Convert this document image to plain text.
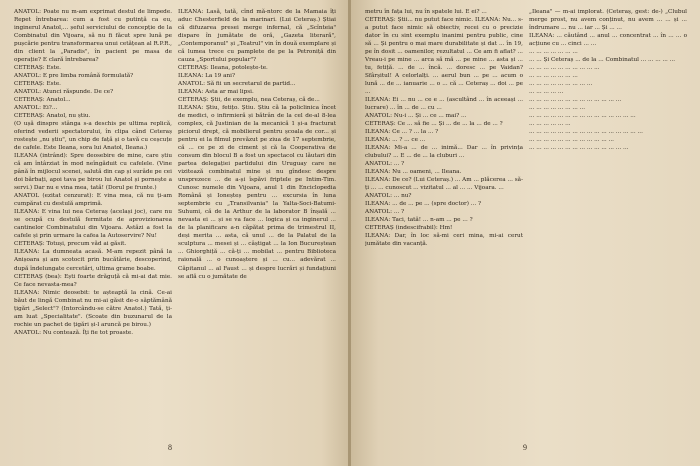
ANATOL: Poate nu m-am exprimat destul de limpede. Repet întrebarea: cum a fost cu putință ca eu, inginerul Anatol,... șeful serviciului de concepție de la Combinatul din Vijoara, să nu fi făcut spre lună pe pușcărie pentru transformarea unui cetățean al R.P.R., din client la „Paradis", în pacient pe masa de operație? E clară întrebarea?

CETERAȘ: Este.

ANATOL: E pre limba română formulată?

CETERAȘ: Este.

ANATOL: Atunci răspunde. De ce?

CETERAȘ: Anatol...

ANATOL: Ei?...

CETERAȘ: Anatol, nu știu.

(O ușă dinspre stânga s-a deschis pe ultima replică, oferind vederii spectatorului, în clipa când Ceteraș rostește „nu știu", un chip de față și o tavă cu ceșcuțe de cafele. Este Ileana, sora lui Anatol, Ileana.)

ILEANA (intrând): Spre deosebire de mine, care știu că am întârziat în mod neîngăduit cu cafelele. (Vine până în mijlocul scenei, salută din cap și surâde pe cei doi bărbați, apoi tava pe birou lui Anatol și pornește a servi.) Dar nu e vina mea, tată! (Dorul pe frunte.)

ANATOL (ezitat cenzurat): E vina mea, că nu ți-am cumpărat cu destulă amprimă.

ILEANA: E vina lui nea Ceteraș (același joc), care nu se ocupă cu destulă fermitate de aprovizionarea cantinelor Combinatului din Vijoara. Astăzi a fost la cafele și prin urmare la cafea la Autoservire? Nu!

CETERAȘ: Totuși, precum văd ai găsit.

ILEANA: La dumneata acasă. M-am repezit până la Anișoara și am scotocit prin bucătărie, descoperind, după îndelungate cercetări, ultima grame boabe.

CETERAȘ (bea): Ești foarte drăguță că mi-ai dat mie. Ce face nevasta-mea?

ILEANA: Nimic deosebit: te așteaptă la cină. Ce-ai băut de lingă Combinat nu mi-ai găsit de-o săptămână țigări „Select"? (Intorcându-se către Anatol.) Tată, ți-am luat „Specialitate". (Scoate din buzunarul de la rochie un pachet de țigări și-l aruncă pe birou.)

ANATOL: Nu contează. Îți fie tot proaste.

ILEANA: Lasă, tată, cînd mă-ntorc de la Mamaia îți aduc Chesterfield de la marinari. (Lui Ceteraș.) Știai că difuzarea presei merge infernal, că „Scînteia" dispare în jumătate de oră, „Gazeta literară", „Contemporanul" și „Teatrul" vin în două exemplare și că lumea trece cu pamplete de pe la Petroniță din cauza „Sportului popular"?

CETERAȘ: Ileana, potolește-te.

ILEANA: La 19 ani?

ANATOL: Să fii un secretarul de partid...

ILEANA: Asta ar mai lipsi.

CETERAȘ: Știi, de exemplu, nea Ceteraș, că de...

ILEANA: Știu, fetițo. Știu. Știu că la policlinica încet de medici, o infirmieră și bătrân de la cel de-al 8-lea complex, că Justinian de la mecanică 1 și-a fracturat piciorul drept, că mobilierul pentru școala de cor... și pentru ei la filmul prevăzut pe ziua de 17 septembrie, că ... ce pe zi de ciment și că la Cooperativa de consum din blocul B a fost un spectacol cu lăutari din partea delegației partidului din Uruguay care ne vizitează combinatul mine și nu gîndesc despre unsprezece ... de a-și îspăvi friptele pe Intim-Tim. Cunosc numele din Vijoara, anul 1 din Enciclopedia Română și Ioneșteș pentru ... excursia în luna septembrie cu „Transilvania" la Yalta-Soci-Batumi-Suhumi, că de la Arthur de la laborator B înșală ... nevasta ei ... și se va face ... logica și ca inginerul ... de la planificare a-n căpătat prima de trimestrul II, deși merita ... asta, că unul ... de la Palatul de la sculptura ... mesei și ... câștigat ... la Ion Bucureștean ... Ghiorghiță ... că-ți ... mobilat ... pentru Biblioteca raională ... o cunoaștere și ... cu... adevărat ... Căpitanul ... al Faust ... și despre lucrări și fundațiuni se află cu o jumătate de

8

metru în fața lui, nu în spatele lui. E ei? ...

CETERAȘ: Știi... nu putut face nimic. ILEANA: Nu... s-a putut face nimic să obiectiv, recei cu o precizie dator în cu sint exemplu inanimi pentru public, cine să ... Și pentru o mai mare durabilitate și dat ... în 19, pe în dosit ... oamenilor, rezultatul ... Ce am fi aflat? ... Vreau-i pe mine ... arca să mă ... pe mine ... asta și ... tu, fetiță. ... de ... încă. ... doresc ... pe Vaidan? Sfârșitul! A celorlalți. ... aerul bun ... pe ... acum o lună ... de ... ianuarie ... o ... că ... Ceteraș ... doi ... pe ...

ILEANA: Ei ... nu ... ce e ... (ascultând ... în aceeași ... lucrare) ... în ... de ... cu ...

ANATOL: Nu-i ... Și ... ce ... mai? ...

CETERAȘ: Ce ... să fie ... Și ... de ... la ... de ... ?

ILEANA: Ce ... ? ... la ... ?

ILEANA: ... ? ... ce ...

ILEANA: Mi-a ... de ... inimă... Dar ... în privința clubului? ... E ... de ... la cluburi ...

ANATOL: ... ?

ILEANA: Nu ... oameni, ... Ileana.

ILEANA: De ce? (Lui Ceteraș.) ... Am ... plăcerea ... să-ți ... ... cunoscut ... vizitatul ... al ... ... Vijoara. ...

ANATOL: ... nu?

ILEANA: ... de ... pe ... (spre doctor) ... ?

ANATOL: ... ?

ILEANA: Taci, tată! ... n-am ... pe ... ?

CETERAȘ (indescifrabil): Hm!

ILEANA: Dar, în loc să-mi ceri mina, mi-ai cerut jumătate din vacanță.

„Ileana" — m-ai implorat. (Ceteraș, gest: de-) „Clubul merge prost, nu avem conținut, nu avem ... ... și ... îndrumare ... nu ... iar ... Și ... ...

ILEANA: ... căutând ... anul ... concentrat ... în ... ... o acțiune cu ... cinci ... ...

... ... ... ... ... ... ...

... ... Și Ceteraș ... de la ... Combinatul ... ... ... ... ...

... ... ... ... ... ... ... ... ... ...

... ... ... ... ... ... ...

... ... ... ... ... ... ... ... ...

... ... ... ... ...

... ... ... ... ... ... ... ... ... ... ... ... ...

... ... ... ... ... ... ... ...

... ... ... ... ... ... ... ... ... ... ... ... ... ... ...

... ... ... ... ... ...

... ... ... ... ... ... ... ... ... ... ... ... ... ... ... ...

... ... ... ... ... ... ... ... ... ... ... ...

... ... ... ... ... ... ... ... ... ... ... ... ... ...

9
